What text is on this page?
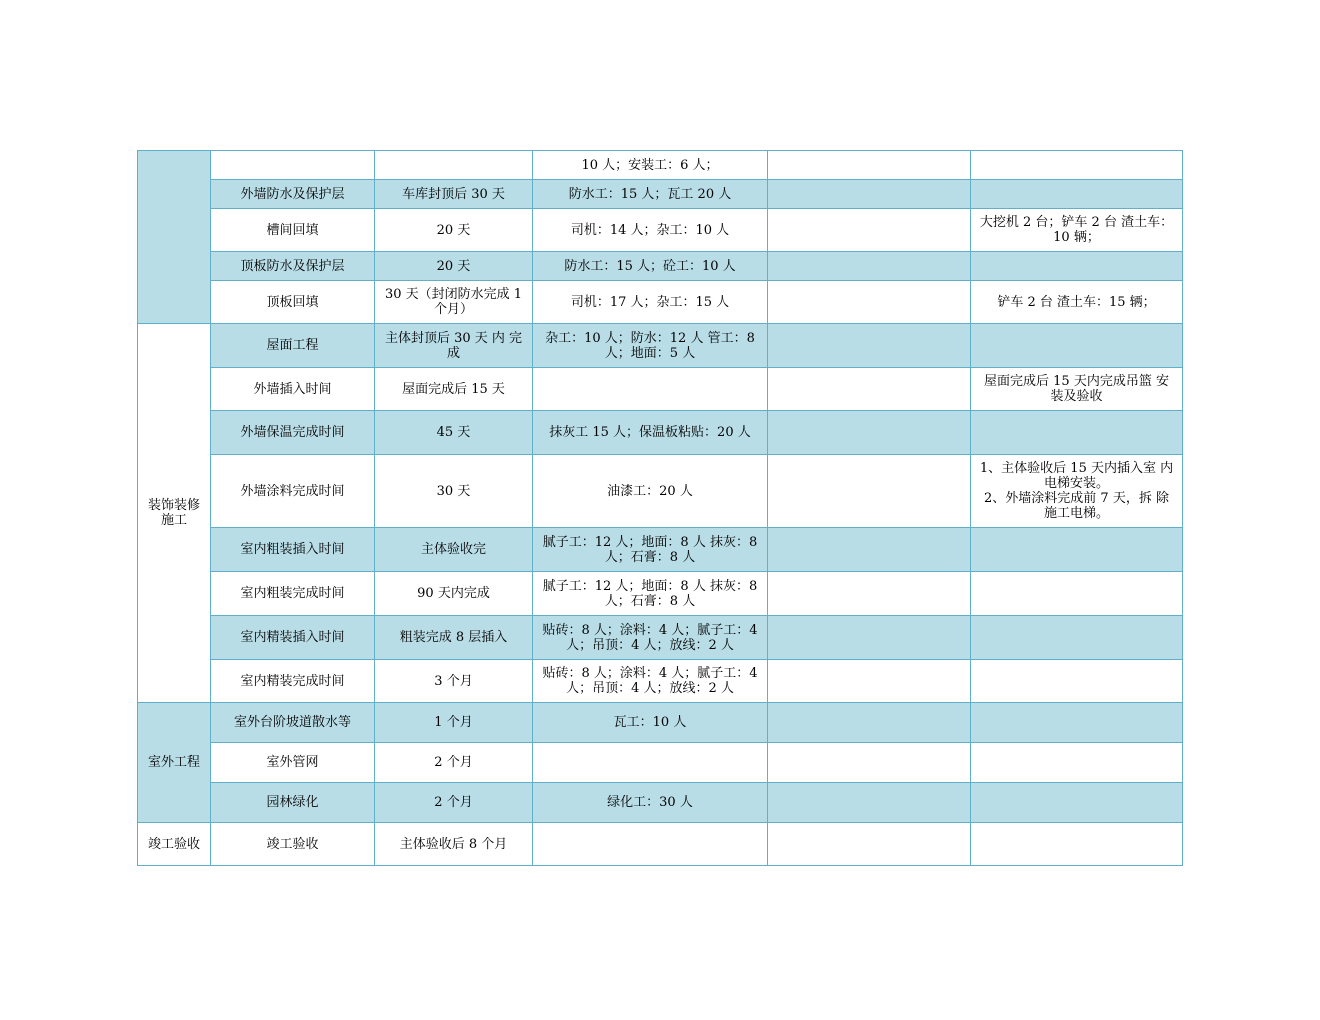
			10 人；安装工：6 人；		
	外墙防水及保护层	车库封顶后 30 天	防水工：15 人；瓦工 20 人		
	槽间回填	20 天	司机：14 人；杂工：10 人		大挖机 2 台；铲车 2 台 渣土车：10 辆；
	顶板防水及保护层	20 天	防水工：15 人；砼工：10 人		
	顶板回填	30 天（封闭防水完成 1 个月）	司机：17 人；杂工：15 人		铲车 2 台 渣土车：15 辆；
装饰装修施工	屋面工程	主体封顶后 30 天 内 完成	杂工：10 人；防水：12 人 管工：8 人；地面：5 人		
	外墙插入时间	屋面完成后 15 天			屋面完成后 15 天内完成吊篮 安装及验收
	外墙保温完成时间	45 天	抹灰工 15 人；保温板粘贴：20 人		
	外墙涂料完成时间	30 天	油漆工：20 人		1、主体验收后 15 天内插入室 内电梯安装。
2、外墙涂料完成前 7 天，拆 除施工电梯。

	室内粗装插入时间	主体验收完	腻子工：12 人；地面：8 人 抹灰：8 人；石膏：8 人		
	室内粗装完成时间	90 天内完成	腻子工：12 人；地面：8 人 抹灰：8 人；石膏：8 人		
	室内精装插入时间	粗装完成 8 层插入	贴砖：8 人；涂料：4 人；腻子工：4 人；吊顶：4 人；放线：2 人		
	室内精装完成时间	3 个月	贴砖：8 人；涂料：4 人；腻子工：4 人；吊顶：4 人；放线：2 人		
室外工程	室外台阶坡道散水等	1 个月	瓦工：10 人		
	室外管网	2 个月			
	园林绿化	2 个月	绿化工：30 人		
竣工验收	竣工验收	主体验收后 8 个月			
